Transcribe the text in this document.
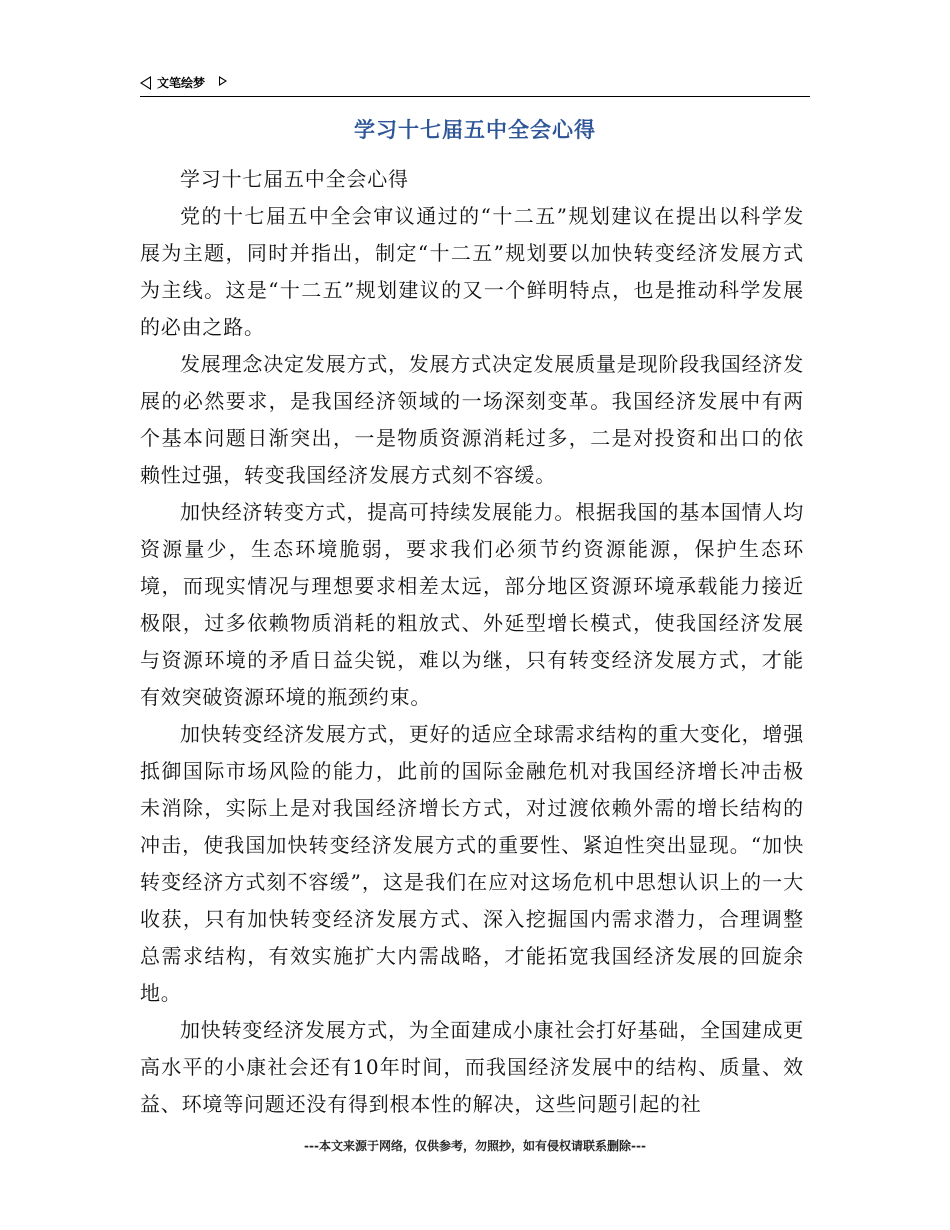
文笔绘梦
学习十七届五中全会心得

学习十七届五中全会心得

党的十七届五中全会审议通过的“十二五”规划建议在提出以科学发展为主题，同时并指出，制定“十二五”规划要以加快转变经济发展方式为主线。这是“十二五”规划建议的又一个鲜明特点，也是推动科学发展的必由之路。

发展理念决定发展方式，发展方式决定发展质量是现阶段我国经济发展的必然要求，是我国经济领域的一场深刻变革。我国经济发展中有两个基本问题日渐突出，一是物质资源消耗过多，二是对投资和出口的依赖性过强，转变我国经济发展方式刻不容缓。

加快经济转变方式，提高可持续发展能力。根据我国的基本国情人均资源量少，生态环境脆弱，要求我们必须节约资源能源，保护生态环境，而现实情况与理想要求相差太远，部分地区资源环境承载能力接近极限，过多依赖物质消耗的粗放式、外延型增长模式，使我国经济发展与资源环境的矛盾日益尖锐，难以为继，只有转变经济发展方式，才能有效突破资源环境的瓶颈约束。

加快转变经济发展方式，更好的适应全球需求结构的重大变化，增强抵御国际市场风险的能力，此前的国际金融危机对我国经济增长冲击极未消除，实际上是对我国经济增长方式，对过渡依赖外需的增长结构的冲击，使我国加快转变经济发展方式的重要性、紧迫性突出显现。“加快转变经济方式刻不容缓”，这是我们在应对这场危机中思想认识上的一大收获，只有加快转变经济发展方式、深入挖掘国内需求潜力，合理调整总需求结构，有效实施扩大内需战略，才能拓宽我国经济发展的回旋余地。

加快转变经济发展方式，为全面建成小康社会打好基础，全国建成更高水平的小康社会还有10年时间，而我国经济发展中的结构、质量、效益、环境等问题还没有得到根本性的解决，这些问题引起的社

---本文来源于网络，仅供参考，勿照抄，如有侵权请联系删除---
